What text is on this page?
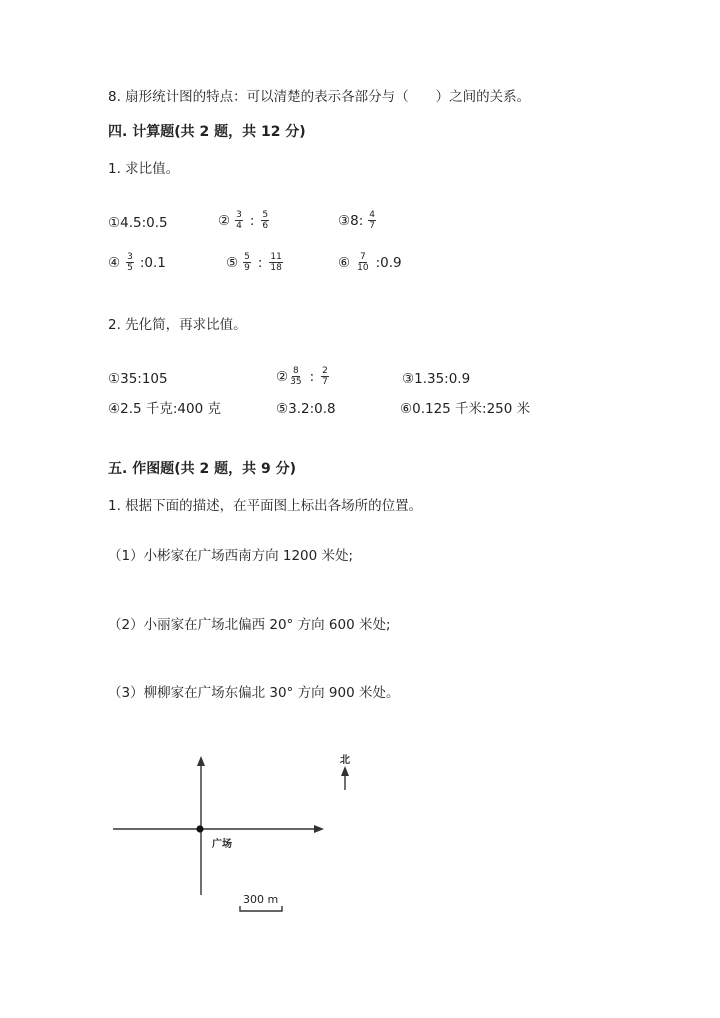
8. 扇形统计图的特点：可以清楚的表示各部分与（　　）之间的关系。
四. 计算题(共 2 题，共 12 分)
1. 求比值。
① 4.5:0.5	② $\frac{3}{4}$ : $\frac{5}{6}$	③ 8: $\frac{4}{7}$
④ $\frac{3}{5}$ :0.1	⑤ $\frac{5}{9}$ : $\frac{11}{18}$	⑥ $\frac{7}{10}$ :0.9
2. 先化简，再求比值。
① 35:105	② $\frac{8}{35}$ : $\frac{2}{7}$	③ 1.35:0.9
④ 2.5 千克:400 克	⑤ 3.2:0.8	⑥ 0.125 千米:250 米
五. 作图题(共 2 题，共 9 分)
1. 根据下面的描述，在平面图上标出各场所的位置。
（1）小彬家在广场西南方向 1200 米处;
（2）小丽家在广场北偏西 20° 方向 600 米处;
（3）柳柳家在广场东偏北 30° 方向 900 米处。
广场
北
300 m
